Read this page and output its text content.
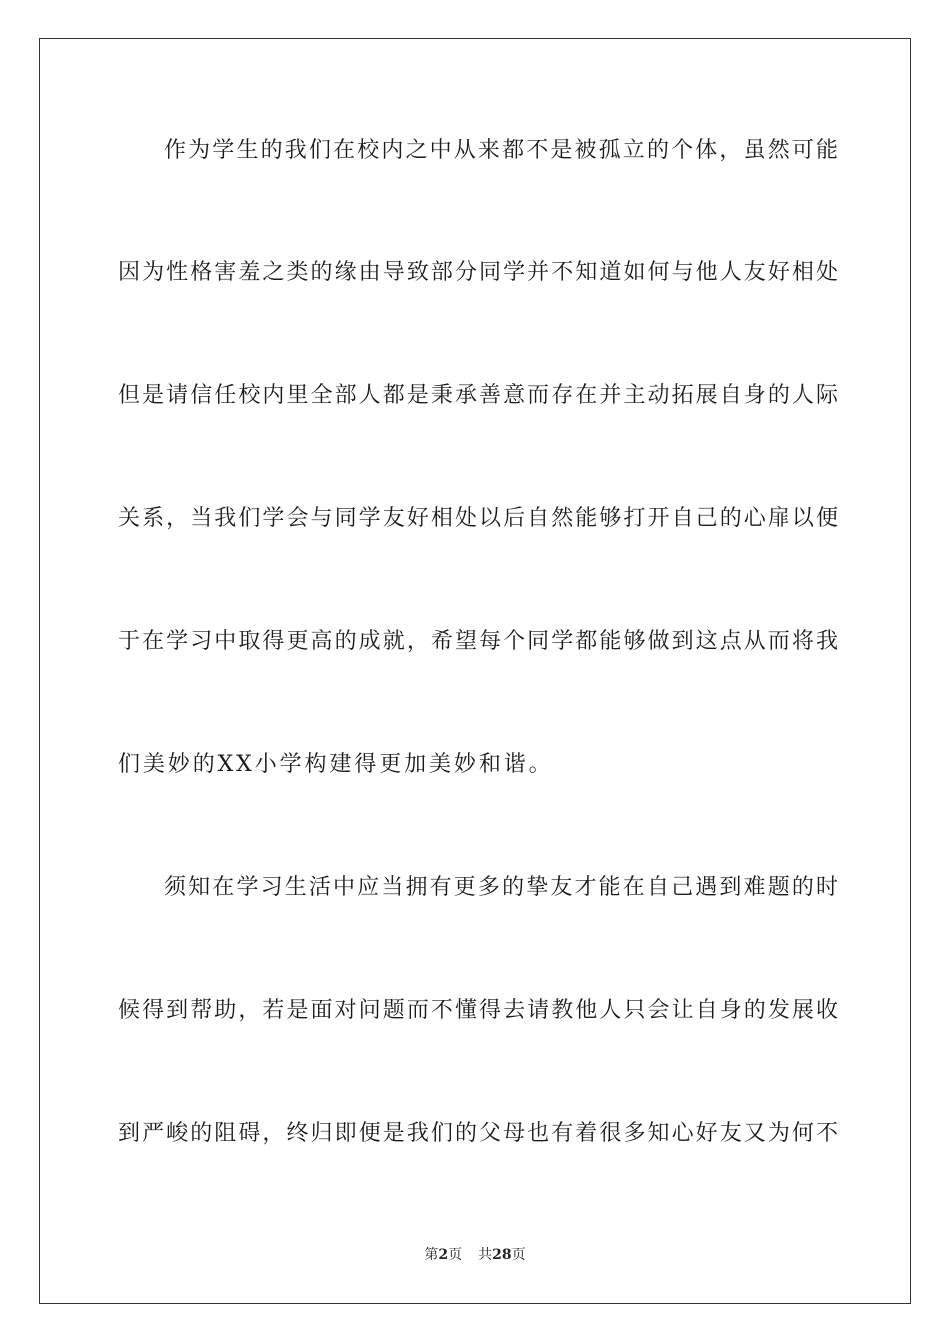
作为学生的我们在校内之中从来都不是被孤立的个体，虽然可能
因为性格害羞之类的缘由导致部分同学并不知道如何与他人友好相处
但是请信任校内里全部人都是秉承善意而存在并主动拓展自身的人际
关系，当我们学会与同学友好相处以后自然能够打开自己的心扉以便
于在学习中取得更高的成就，希望每个同学都能够做到这点从而将我
们美妙的XX小学构建得更加美妙和谐。
须知在学习生活中应当拥有更多的挚友才能在自己遇到难题的时
候得到帮助，若是面对问题而不懂得去请教他人只会让自身的发展收
到严峻的阻碍，终归即便是我们的父母也有着很多知心好友又为何不
第2页 共28页
